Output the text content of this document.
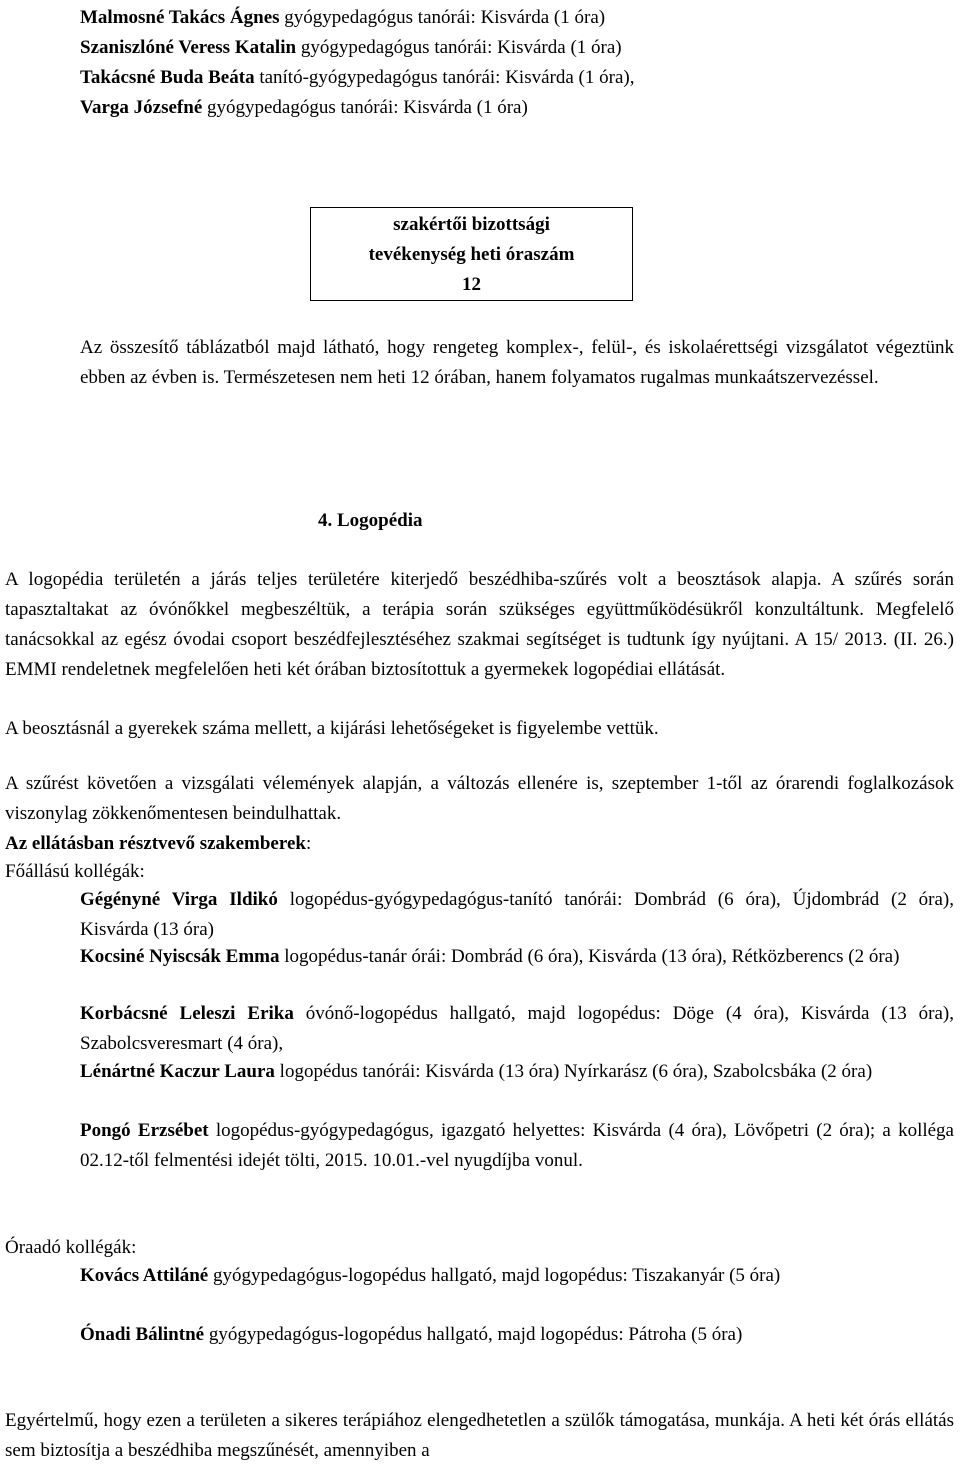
Malmosné Takács Ágnes gyógypedagógus tanórái: Kisvárda (1 óra)
Szaniszlóné Veress Katalin gyógypedagógus tanórái: Kisvárda (1 óra)
Takácsné Buda Beáta tanító-gyógypedagógus tanórái: Kisvárda (1 óra),
Varga Józsefné gyógypedagógus tanórái: Kisvárda (1 óra)
szakértői bizottsági
tevékenység heti óraszám
12
Az összesítő táblázatból majd látható, hogy rengeteg komplex-, felül-, és iskolaérettségi vizsgálatot végeztünk ebben az évben is. Természetesen nem heti 12 órában, hanem folyamatos rugalmas munkaátszervezéssel.
4. Logopédia
A logopédia területén a járás teljes területére kiterjedő beszédhiba-szűrés volt a beosztások alapja. A szűrés során tapasztaltakat az óvónőkkel megbeszéltük, a terápia során szükséges együttműködésükről konzultáltunk. Megfelelő tanácsokkal az egész óvodai csoport beszédfejlesztéséhez szakmai segítséget is tudtunk így nyújtani. A 15/ 2013. (II. 26.) EMMI rendeletnek megfelelően heti két órában biztosítottuk a gyermekek logopédiai ellátását.
A beosztásnál a gyerekek száma mellett, a kijárási lehetőségeket is figyelembe vettük.
A szűrést követően a vizsgálati vélemények alapján, a változás ellenére is, szeptember 1-től az órarendi foglalkozások viszonylag zökkenőmentesen beindulhattak.
Az ellátásban résztvevő szakemberek:
Főállású kollégák:
Gégényné Virga Ildikó logopédus-gyógypedagógus-tanító tanórái: Dombrád (6 óra), Újdombrád (2 óra), Kisvárda (13 óra)
Kocsiné Nyiscsák Emma logopédus-tanár órái: Dombrád (6 óra), Kisvárda (13 óra), Rétközberencs (2 óra)
Korbácsné Leleszi Erika óvónő-logopédus hallgató, majd logopédus: Döge (4 óra), Kisvárda (13 óra), Szabolcsveresmart (4 óra),
Lénártné Kaczur Laura logopédus tanórái: Kisvárda (13 óra) Nyírkarász (6 óra), Szabolcsbáka (2 óra)
Pongó Erzsébet logopédus-gyógypedagógus, igazgató helyettes: Kisvárda (4 óra), Lövőpetri (2 óra); a kolléga 02.12-től felmentési idejét tölti, 2015. 10.01.-vel nyugdíjba vonul.
Óraadó kollégák:
Kovács Attiláné gyógypedagógus-logopédus hallgató, majd logopédus: Tiszakanyár (5 óra)
Ónadi Bálintné gyógypedagógus-logopédus hallgató, majd logopédus: Pátroha (5 óra)
Egyértelmű, hogy ezen a területen a sikeres terápiához elengedhetetlen a szülők támogatása, munkája. A heti két órás ellátás sem biztosítja a beszédhiba megszűnését, amennyiben a
